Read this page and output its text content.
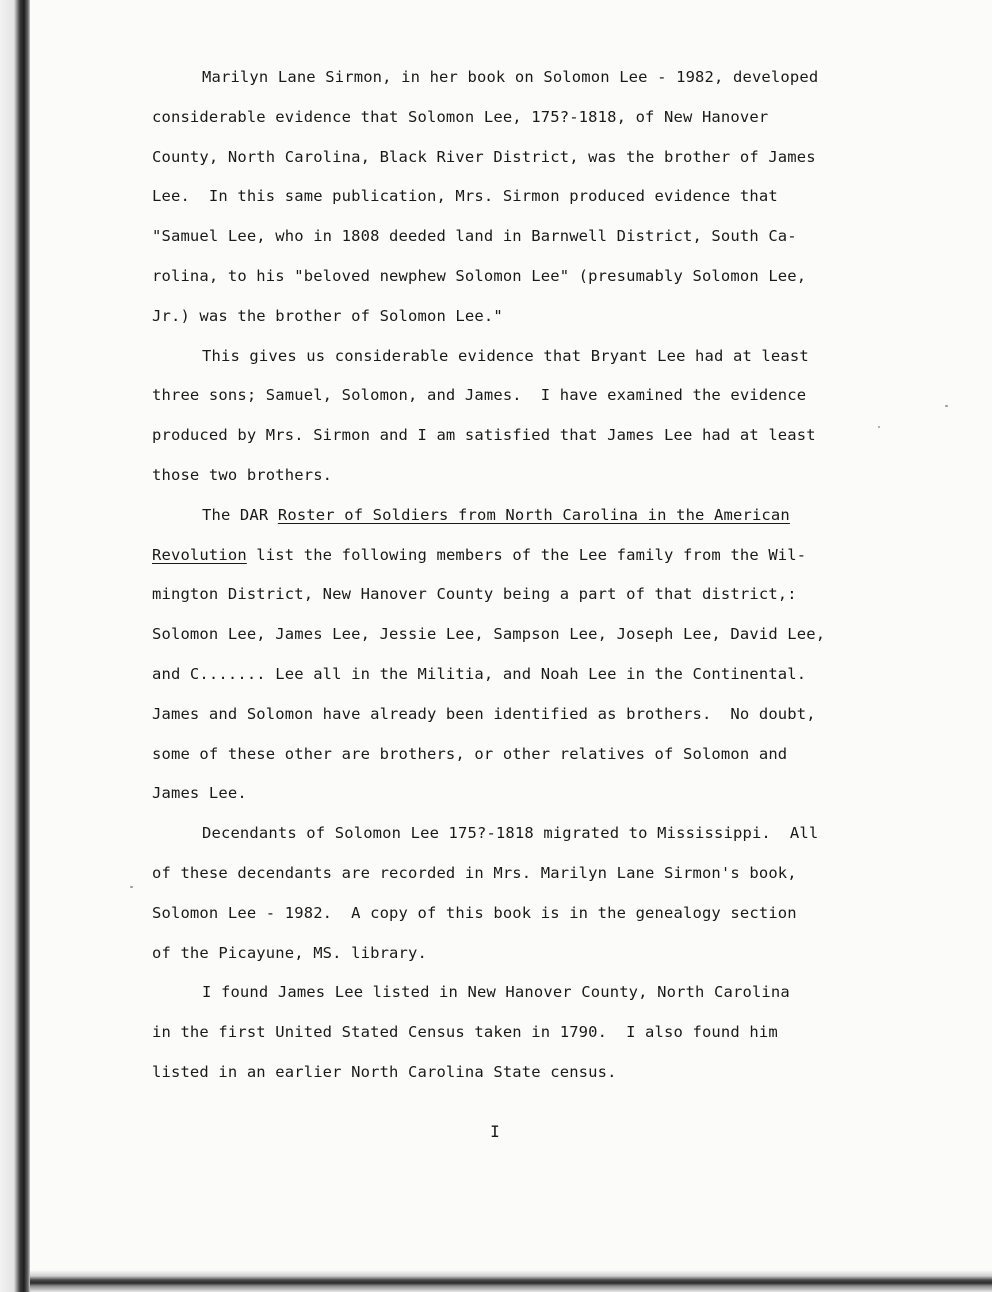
Marilyn Lane Sirmon, in her book on Solomon Lee - 1982, developed
considerable evidence that Solomon Lee, 175?-1818, of New Hanover
County, North Carolina, Black River District, was the brother of James
Lee.  In this same publication, Mrs. Sirmon produced evidence that
"Samuel Lee, who in 1808 deeded land in Barnwell District, South Ca-
rolina, to his "beloved newphew Solomon Lee" (presumably Solomon Lee,
Jr.) was the brother of Solomon Lee."
This gives us considerable evidence that Bryant Lee had at least
three sons; Samuel, Solomon, and James.  I have examined the evidence
produced by Mrs. Sirmon and I am satisfied that James Lee had at least
those two brothers.
The DAR Roster of Soldiers from North Carolina in the American
Revolution list the following members of the Lee family from the Wil-
mington District, New Hanover County being a part of that district,:
Solomon Lee, James Lee, Jessie Lee, Sampson Lee, Joseph Lee, David Lee,
and C....... Lee all in the Militia, and Noah Lee in the Continental.
James and Solomon have already been identified as brothers.  No doubt,
some of these other are brothers, or other relatives of Solomon and
James Lee.
Decendants of Solomon Lee 175?-1818 migrated to Mississippi.  All
of these decendants are recorded in Mrs. Marilyn Lane Sirmon's book,
Solomon Lee - 1982.  A copy of this book is in the genealogy section
of the Picayune, MS. library.
I found James Lee listed in New Hanover County, North Carolina
in the first United Stated Census taken in 1790.  I also found him
listed in an earlier North Carolina State census.
I
